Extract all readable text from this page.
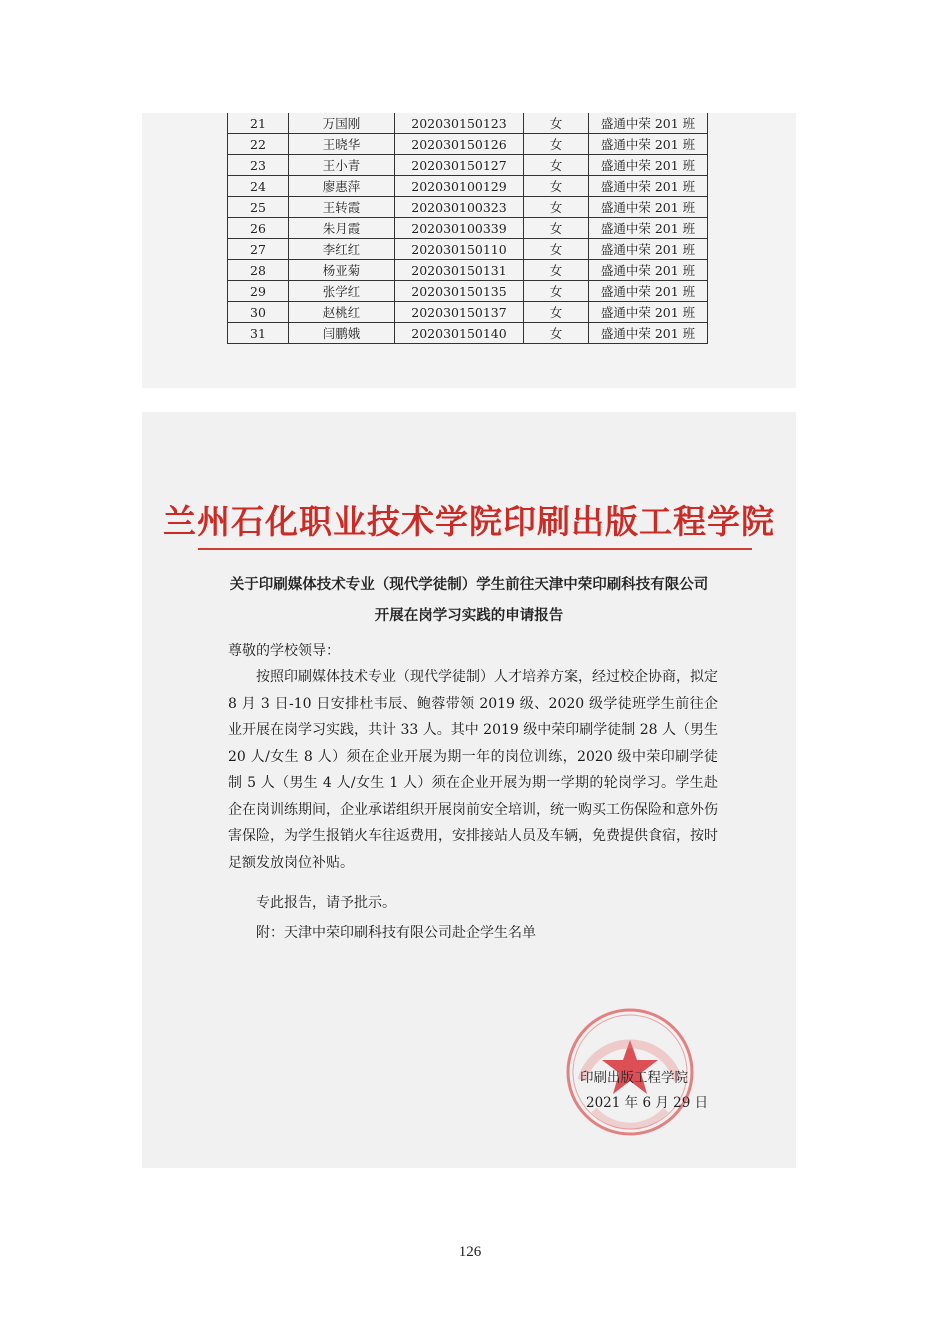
21	万国刚	202030150123	女	盛通中荣 201 班
22	王晓华	202030150126	女	盛通中荣 201 班
23	王小青	202030150127	女	盛通中荣 201 班
24	廖惠萍	202030100129	女	盛通中荣 201 班
25	王转霞	202030100323	女	盛通中荣 201 班
26	朱月霞	202030100339	女	盛通中荣 201 班
27	李红红	202030150110	女	盛通中荣 201 班
28	杨亚菊	202030150131	女	盛通中荣 201 班
29	张学红	202030150135	女	盛通中荣 201 班
30	赵桃红	202030150137	女	盛通中荣 201 班
31	闫鹏娥	202030150140	女	盛通中荣 201 班
兰州石化职业技术学院印刷出版工程学院
关于印刷媒体技术专业（现代学徒制）学生前往天津中荣印刷科技有限公司
开展在岗学习实践的申请报告
尊敬的学校领导：
按照印刷媒体技术专业（现代学徒制）人才培养方案，经过校企协商，拟定8 月 3 日-10 日安排杜韦辰、鲍蓉带领 2019 级、2020 级学徒班学生前往企业开展在岗学习实践，共计 33 人。其中 2019 级中荣印刷学徒制 28 人（男生 20 人/女生 8 人）须在企业开展为期一年的岗位训练，2020 级中荣印刷学徒制 5 人（男生 4 人/女生 1 人）须在企业开展为期一学期的轮岗学习。学生赴企在岗训练期间，企业承诺组织开展岗前安全培训，统一购买工伤保险和意外伤害保险，为学生报销火车往返费用，安排接站人员及车辆，免费提供食宿，按时足额发放岗位补贴。
专此报告，请予批示。
附：天津中荣印刷科技有限公司赴企学生名单
印刷出版工程学院
2021 年 6 月 29 日
126
